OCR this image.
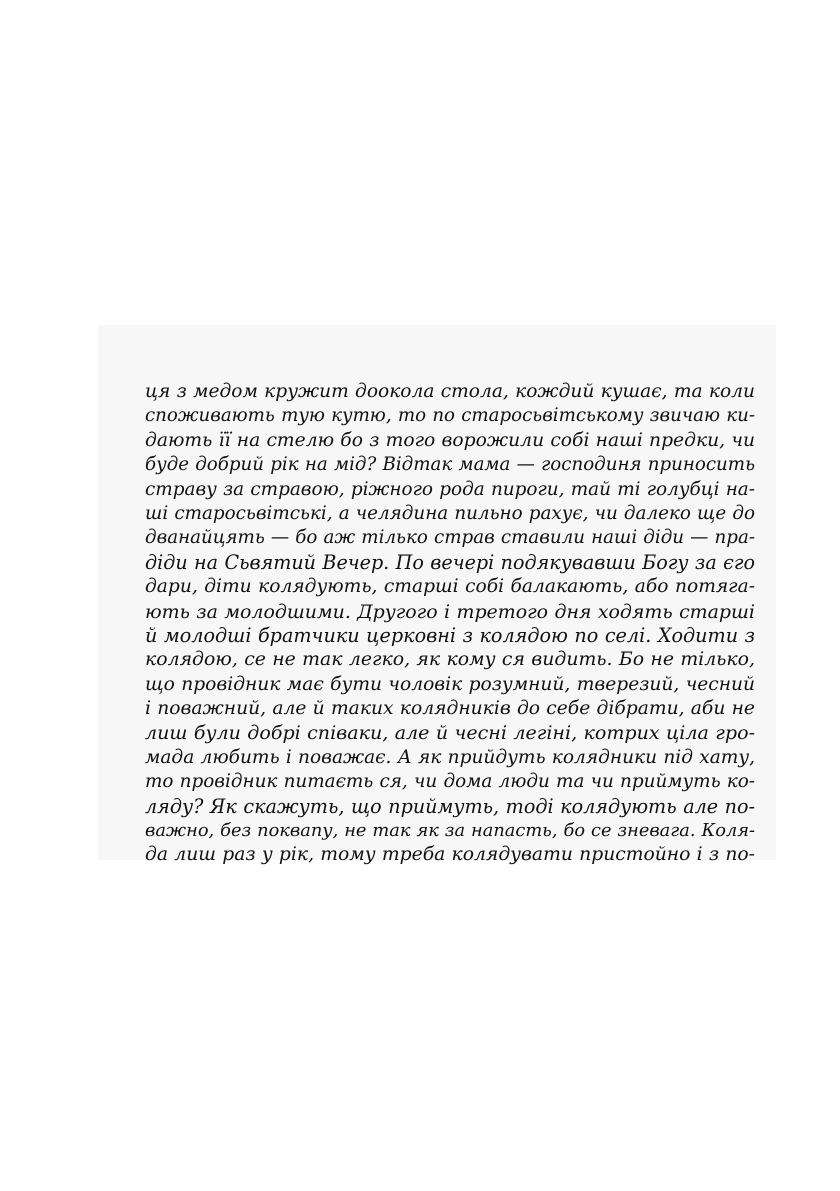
ця з медом кружит доокола стола, кождий кушає, та коли
споживають тую кутю, то по старосьвітському звичаю ки-
дають її на стелю бо з того ворожили собі наші предки, чи
буде добрий рік на мід? Відтак мама — господиня приносить
страву за стравою, ріжного рода пироги, тай ті голубці на-
ші старосьвітські, а челядина пильно рахує, чи далеко ще до
дванайцять — бо аж тілько страв ставили наші діди — пра-
діди на Сьвятий Вечер. По вечері подякувавши Богу за єго
дари, діти колядують, старші собі балакають, або потяга-
ють за молодшими. Другого і третого дня ходять старші
й молодші братчики церковні з колядою по селі. Ходити з
колядою, се не так легко, як кому ся видить. Бо не тілько,
що провідник має бути чоловік розумний, тверезий, чесний
і поважний, але й таких колядників до себе дібрати, аби не
лиш були добрі співаки, але й чесні легіні, котрих ціла гро-
мада любить і поважає. А як прийдуть колядники під хату,
то провідник питаєть ся, чи дома люди та чи приймуть ко-
ляду? Як скажуть, що приймуть, тоді колядують але по-
важно, без поквапу, не так як за напасть, бо се зневага. Коля-
да лиш раз у рік, тому треба колядувати пристойно і з по-
